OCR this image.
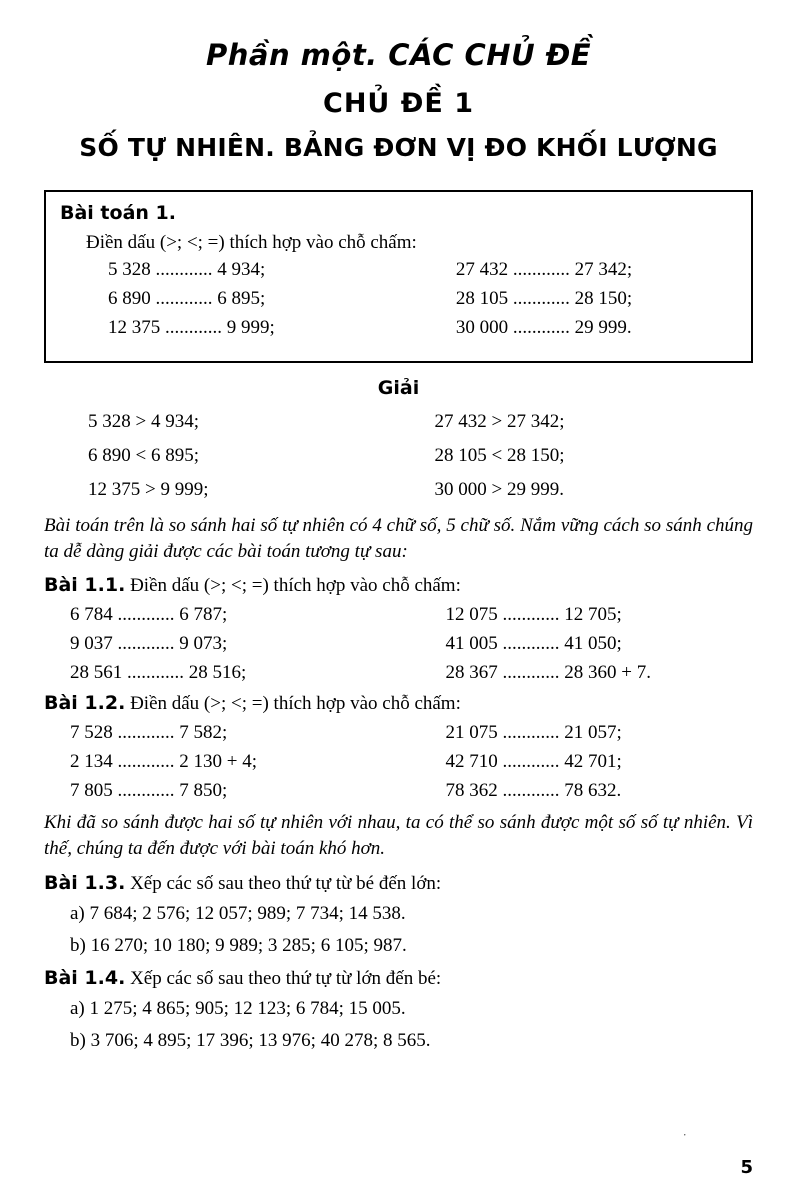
Phần một. CÁC CHỦ ĐỀ
CHỦ ĐỀ 1
SỐ TỰ NHIÊN. BẢNG ĐƠN VỊ ĐO KHỐI LƯỢNG
Bài toán 1.
Điền dấu (>; <; =) thích hợp vào chỗ chấm:
5 328 ............ 4 934;	27 432 ............ 27 342;
6 890 ............ 6 895;	28 105 ............ 28 150;
12 375 ............ 9 999;	30 000 ............ 29 999.
Giải
5 328 > 4 934;	27 432 > 27 342;
6 890 < 6 895;	28 105 < 28 150;
12 375 > 9 999;	30 000 > 29 999.
Bài toán trên là so sánh hai số tự nhiên có 4 chữ số, 5 chữ số. Nắm vững cách so sánh chúng ta dễ dàng giải được các bài toán tương tự sau:
Bài 1.1. Điền dấu (>; <; =) thích hợp vào chỗ chấm:
6 784 ............ 6 787;	12 075 ............ 12 705;
9 037 ............ 9 073;	41 005 ............ 41 050;
28 561 ............ 28 516;	28 367 ............ 28 360 + 7.
Bài 1.2. Điền dấu (>; <; =) thích hợp vào chỗ chấm:
7 528 ............ 7 582;	21 075 ............ 21 057;
2 134 ............ 2 130 + 4;	42 710 ............ 42 701;
7 805 ............ 7 850;	78 362 ............ 78 632.
Khi đã so sánh được hai số tự nhiên với nhau, ta có thể so sánh được một số số tự nhiên. Vì thế, chúng ta đến được với bài toán khó hơn.
Bài 1.3. Xếp các số sau theo thứ tự từ bé đến lớn:
a) 7 684; 2 576; 12 057; 989; 7 734; 14 538.
b) 16 270; 10 180; 9 989; 3 285; 6 105; 987.
Bài 1.4. Xếp các số sau theo thứ tự từ lớn đến bé:
a) 1 275; 4 865; 905; 12 123; 6 784; 15 005.
b) 3 706; 4 895; 17 396; 13 976; 40 278; 8 565.
˙
5
